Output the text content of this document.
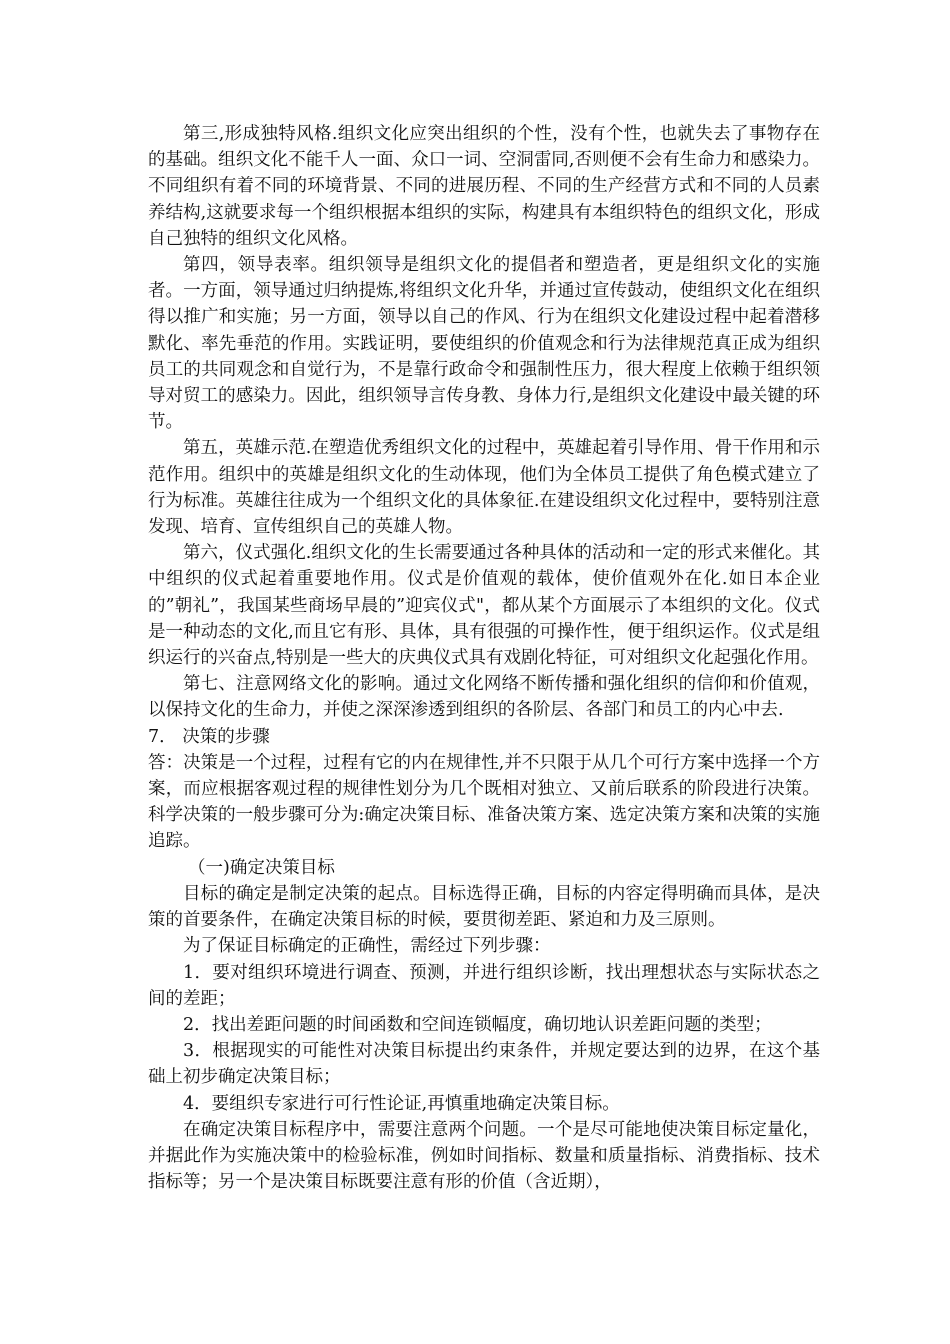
第三,形成独特风格.组织文化应突出组织的个性，没有个性，也就失去了事物存在的基础。组织文化不能千人一面、众口一词、空洞雷同,否则便不会有生命力和感染力。不同组织有着不同的环境背景、不同的进展历程、不同的生产经营方式和不同的人员素养结构,这就要求每一个组织根据本组织的实际，构建具有本组织特色的组织文化，形成自己独特的组织文化风格。

第四，领导表率。组织领导是组织文化的提倡者和塑造者，更是组织文化的实施者。一方面，领导通过归纳提炼,将组织文化升华，并通过宣传鼓动，使组织文化在组织得以推广和实施；另一方面，领导以自己的作风、行为在组织文化建设过程中起着潜移默化、率先垂范的作用。实践证明，要使组织的价值观念和行为法律规范真正成为组织员工的共同观念和自觉行为，不是靠行政命令和强制性压力，很大程度上依赖于组织领导对贸工的感染力。因此，组织领导言传身教、身体力行,是组织文化建设中最关键的环节。

第五，英雄示范.在塑造优秀组织文化的过程中，英雄起着引导作用、骨干作用和示范作用。组织中的英雄是组织文化的生动体现，他们为全体员工提供了角色模式建立了行为标准。英雄往往成为一个组织文化的具体象征.在建设组织文化过程中，要特别注意发现、培育、宣传组织自己的英雄人物。

第六，仪式强化.组织文化的生长需要通过各种具体的活动和一定的形式来催化。其中组织的仪式起着重要地作用。仪式是价值观的载体，使价值观外在化.如日本企业的”朝礼”，我国某些商场早晨的”迎宾仪式"，都从某个方面展示了本组织的文化。仪式是一种动态的文化,而且它有形、具体，具有很强的可操作性，便于组织运作。仪式是组织运行的兴奋点,特别是一些大的庆典仪式具有戏剧化特征，可对组织文化起强化作用。

第七、注意网络文化的影响。通过文化网络不断传播和强化组织的信仰和价值观，以保持文化的生命力，并使之深深渗透到组织的各阶层、各部门和员工的内心中去.

7． 决策的步骤

答：决策是一个过程，过程有它的内在规律性,并不只限于从几个可行方案中选择一个方案，而应根据客观过程的规律性划分为几个既相对独立、又前后联系的阶段进行决策。科学决策的一般步骤可分为:确定决策目标、准备决策方案、选定决策方案和决策的实施追踪。

（一)确定决策目标

目标的确定是制定决策的起点。目标选得正确，目标的内容定得明确而具体，是决策的首要条件，在确定决策目标的时候，要贯彻差距、紧迫和力及三原则。

为了保证目标确定的正确性，需经过下列步骤：

1．要对组织环境进行调查、预测，并进行组织诊断，找出理想状态与实际状态之间的差距；

2．找出差距问题的时间函数和空间连锁幅度，确切地认识差距问题的类型；

3．根据现实的可能性对决策目标提出约束条件，并规定要达到的边界，在这个基础上初步确定决策目标；

4．要组织专家进行可行性论证,再慎重地确定决策目标。

在确定决策目标程序中，需要注意两个问题。一个是尽可能地使决策目标定量化，并据此作为实施决策中的检验标准，例如时间指标、数量和质量指标、消费指标、技术指标等；另一个是决策目标既要注意有形的价值（含近期），
